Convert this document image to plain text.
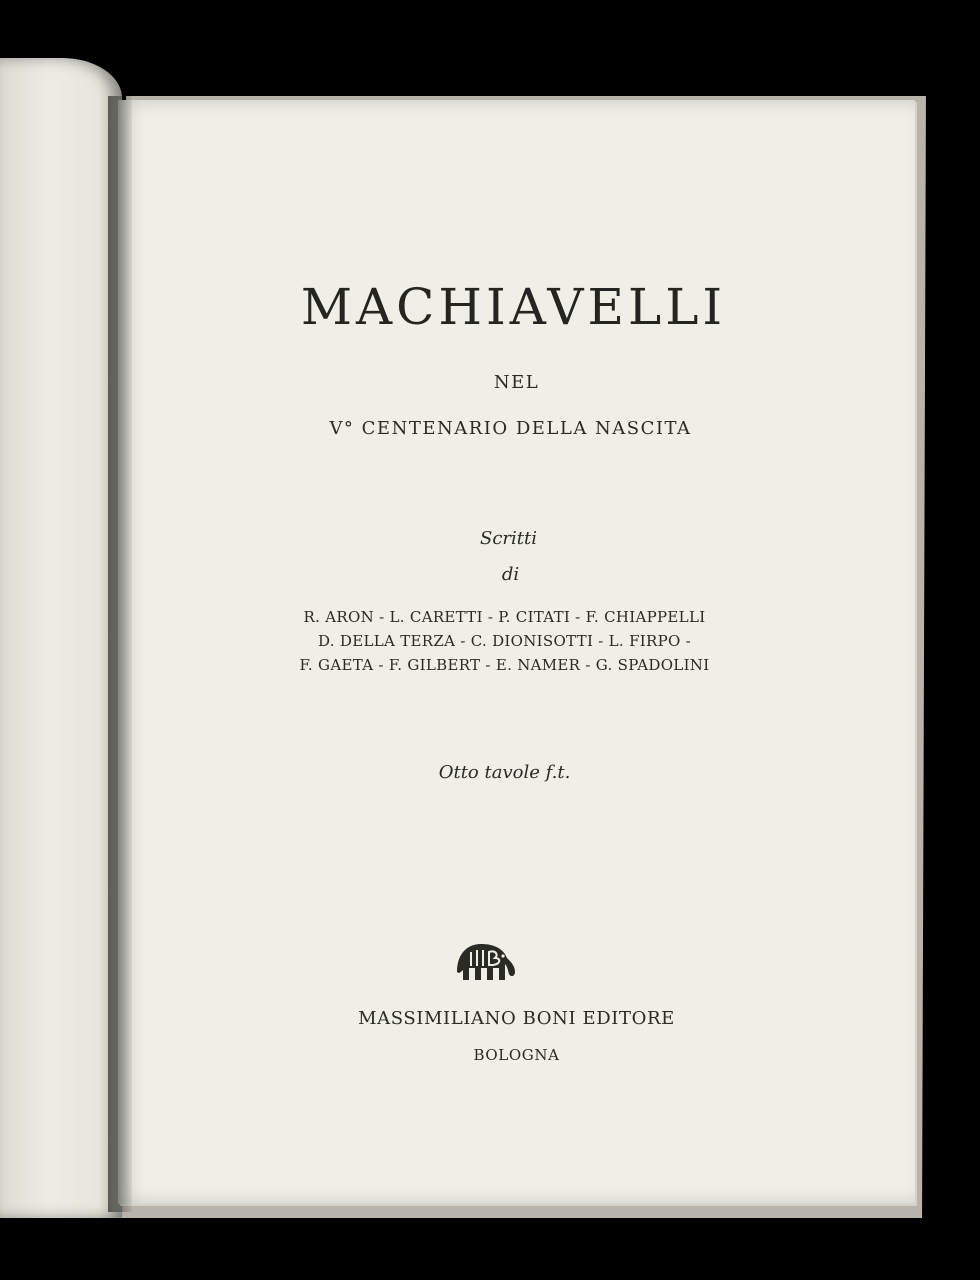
MACHIAVELLI

NEL

V° CENTENARIO DELLA NASCITA

Scritti

di

R. ARON - L. CARETTI - P. CITATI - F. CHIAPPELLI
D. DELLA TERZA - C. DIONISOTTI - L. FIRPO -
F. GAETA - F. GILBERT - E. NAMER - G. SPADOLINI

Otto tavole f.t.

MASSIMILIANO BONI EDITORE

BOLOGNA
